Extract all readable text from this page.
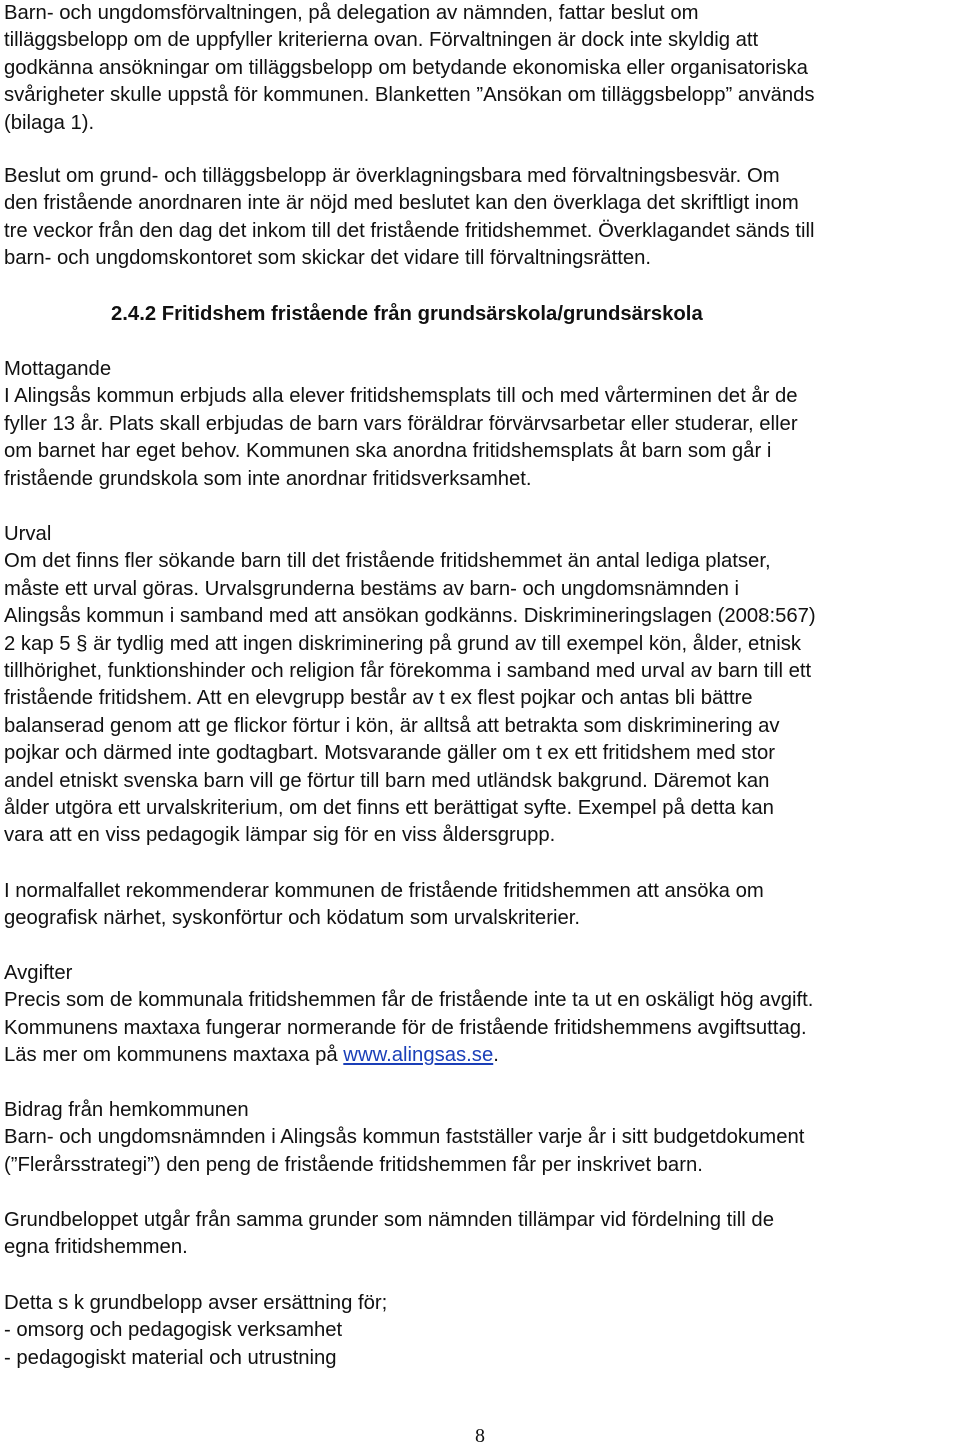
Barn- och ungdomsförvaltningen, på delegation av nämnden, fattar beslut om
tilläggsbelopp om de uppfyller kriterierna ovan. Förvaltningen är dock inte skyldig att
godkänna ansökningar om tilläggsbelopp om betydande ekonomiska eller organisatoriska
svårigheter skulle uppstå för kommunen. Blanketten ”Ansökan om tilläggsbelopp” används
(bilaga 1).
Beslut om grund- och tilläggsbelopp är överklagningsbara med förvaltningsbesvär. Om
den fristående anordnaren inte är nöjd med beslutet kan den överklaga det skriftligt inom
tre veckor från den dag det inkom till det fristående fritidshemmet. Överklagandet sänds till
barn- och ungdomskontoret som skickar det vidare till förvaltningsrätten.
2.4.2 Fritidshem fristående från grundsärskola/grundsärskola
Mottagande
I Alingsås kommun erbjuds alla elever fritidshemsplats till och med vårterminen det år de
fyller 13 år. Plats skall erbjudas de barn vars föräldrar förvärvsarbetar eller studerar, eller
om barnet har eget behov. Kommunen ska anordna fritidshemsplats åt barn som går i
fristående grundskola som inte anordnar fritidsverksamhet.
Urval
Om det finns fler sökande barn till det fristående fritidshemmet än antal lediga platser,
måste ett urval göras. Urvalsgrunderna bestäms av barn- och ungdomsnämnden i
Alingsås kommun i samband med att ansökan godkänns. Diskrimineringslagen (2008:567)
2 kap 5 § är tydlig med att ingen diskriminering på grund av till exempel kön, ålder, etnisk
tillhörighet, funktionshinder och religion får förekomma i samband med urval av barn till ett
fristående fritidshem. Att en elevgrupp består av t ex flest pojkar och antas bli bättre
balanserad genom att ge flickor förtur i kön, är alltså att betrakta som diskriminering av
pojkar och därmed inte godtagbart. Motsvarande gäller om t ex ett fritidshem med stor
andel etniskt svenska barn vill ge förtur till barn med utländsk bakgrund. Däremot kan
ålder utgöra ett urvalskriterium, om det finns ett berättigat syfte. Exempel på detta kan
vara att en viss pedagogik lämpar sig för en viss åldersgrupp.
I normalfallet rekommenderar kommunen de fristående fritidshemmen att ansöka om
geografisk närhet, syskonförtur och ködatum som urvalskriterier.
Avgifter
Precis som de kommunala fritidshemmen får de fristående inte ta ut en oskäligt hög avgift.
Kommunens maxtaxa fungerar normerande för de fristående fritidshemmens avgiftsuttag.
Läs mer om kommunens maxtaxa på www.alingsas.se.
Bidrag från hemkommunen
Barn- och ungdomsnämnden i Alingsås kommun fastställer varje år i sitt budgetdokument
(”Flerårsstrategi”) den peng de fristående fritidshemmen får per inskrivet barn.
Grundbeloppet utgår från samma grunder som nämnden tillämpar vid fördelning till de
egna fritidshemmen.
Detta s k grundbelopp avser ersättning för;
- omsorg och pedagogisk verksamhet
- pedagogiskt material och utrustning
8
